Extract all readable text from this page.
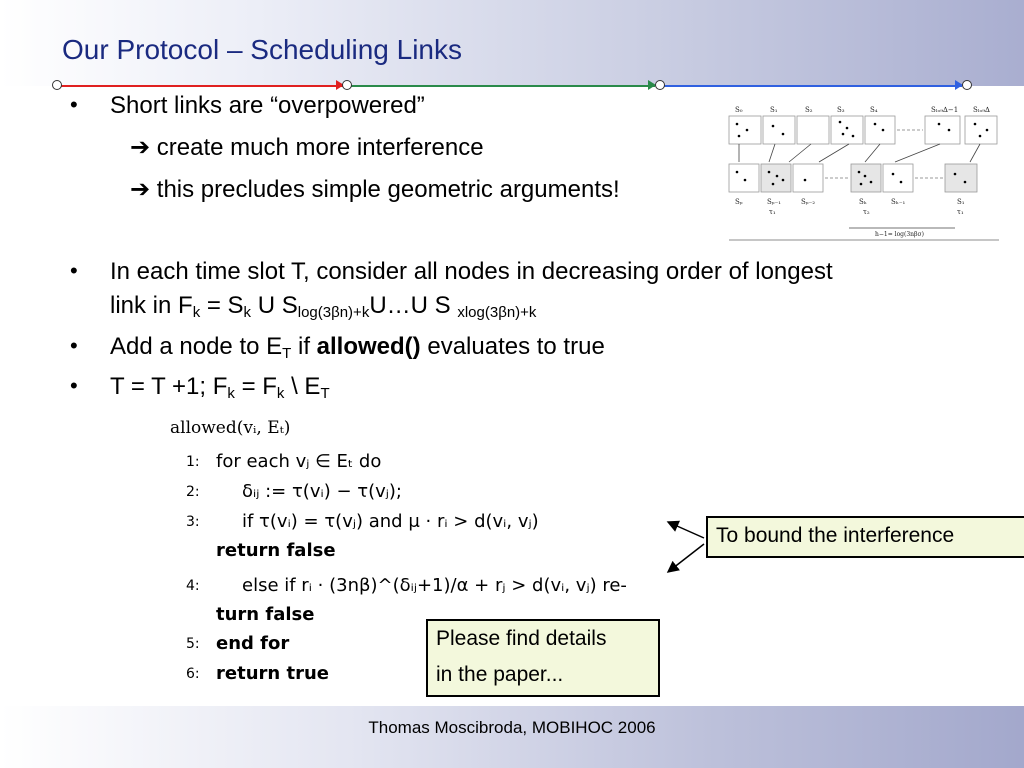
Our Protocol – Scheduling Links
• Short links are “overpowered”
➔ create much more interference
➔ this precludes simple geometric arguments!
• In each time slot T, consider all nodes in decreasing order of longest
link in $F_k = S_k$ U $S_{log(3\beta n)+k}U\dots U$ S $_{xlog(3\beta n)+k}$
• Add a node to $E_T$ if allowed() evaluates to true
• T = T +1; $F_k = F_k$ \ $E_T$
S₀	S₁	S₂	S₃	S₄	Sₗₒ₉∆−1 Sₗₒ₉∆
Sₚ	Sₚ₋₁	Sₚ₋₂	Sₕ	Sₕ₋₁	S₁
τ₁	τ₂	τ₁
h−1= log(3nβσ)
allowed(vᵢ, Eₜ)
1: for each vⱼ ∈ Eₜ do
2: δᵢⱼ := τ(vᵢ) − τ(vⱼ);
3: if τ(vᵢ) = τ(vⱼ) and μ · rᵢ > d(vᵢ, vⱼ)
return false
4: else if rᵢ · (3nβ)^(δᵢⱼ+1)/α + rⱼ > d(vᵢ, vⱼ) re-
turn false
5: end for
6: return true
To bound the interference
Please find details
in the paper...
Thomas Moscibroda, MOBIHOC 2006
